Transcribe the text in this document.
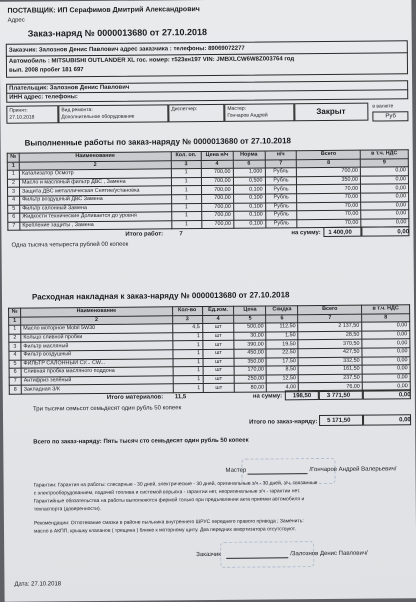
ПОСТАВЩИК: ИП Серафимов Дмитрий Александрович
Адрес
Заказ-наряд № 0000013680 от 27.10.2018
Заказчик: Залознов Денис Павлович адрес заказчика : телефоны: 89069072277
Автомобиль : MITSUBISHI OUTLANDER XL гос. номер: т523кн197 VIN: JMBXLCW6W8Z003764 год
вып. 2008 пробег 181 697
Плательщик: Залознов Денис Павлович
ИНН адрес: телефоны:
Принят:
27.10.2018
Вид ремонта:
Дополнительное оборудование
Диспетчер:	Мастер:
Гончаров Андрей	Закрыт
в валюте
Руб
Выполненные работы по заказ-наряду № 0000013680 от 27.10.2018
№	Наименование	Кол. оп.	Цена н/ч	Норма	н/ч	Всего	в т.ч. НДС
1	2	3	4	6	7	8	9
1	Катализатор Осмотр	1	700,00	1,000	Рубль	700,00	0,00
2	Масло и масляный фильтр ДВС , Замена	1	700,00	0,500	Рубль	350,00	0,00
3	Защита ДВС металлическая Снятие/установка	1	700,00	0,100	Рубль	70,00	0,00
4	Фильтр воздушный ДВС Замена	1	700,00	0,100	Рубль	70,00	0,00
5	Фильтр салонный Замена	1	700,00	0,100	Рубль	70,00	0,00
6	Жидкости технические Доливается до уровня	1	700,00	0,100	Рубль	70,00	0,00
7	Крепление защиты , Замена	1	700,00	0,100	Рубль	70,00	0,00
Итого работ:	7	на сумму: 1 400,00	0,00
Одна тысяча четыреста рублей 00 копеек
Расходная накладная к заказ-наряду № 0000013680 от 27.10.2018
№	Наименование	Кол-во	Ед.изм.	Цена	Скидка	Всего	в т.ч. НДС
1	2	3	4	5	6	7	8
1	Масло моторное Mobil 5W30	4,5	шт	500,00	112,50	2 137,50	0,00
2	Кольцо сливной пробки	1	шт	30,00	1,50	28,50	0,00
3	Фильтр масляный	1	шт	390,00	19,50	370,50	0,00
4	Фильтр воздушный	1	шт	450,00	22,50	427,50	0,00
5	ФИЛЬТР САЛОННЫЙ СУ... CW...	1	шт	350,00	17,50	332,50	0,00
6	Сливная пробка масляного поддона	1	шт	170,00	8,50	161,50	0,00
7	Антифриз зелёный	1	шт	250,00	12,50	237,50	0,00
8	Закладная З/К	1	шт	80,00	4,00	76,00	0,00
Итого материалов: 11,5	на сумму: 198,50	3 771,50	0,00
Три тысячи семьсот семьдесят один рубль 50 копеек
Итого по заказ-наряду: 5 171,50	0,00
Всего по заказ-наряду: Пять тысяч сто семьдесят один рубль 50 копеек
Мастер	/Гончаров Андрей Валерьевич/
Гарантии: Гарантия на работы: слесарные - 30 дней, электрические - 30 дней, оригинальные з/ч - 30 дней, з/ч, связанные
с электрооборудованием, подачей топлива и системой впрыска - гарантии нет, неоригинальные з/ч - гарантии нет.
Гарантийные обязательства на работы выполняются фирмой только при предъявлении акта приемки автомобиля и
техпаспорта (доверенности).
Рекомендации: Отпотевание смазки в районе пыльника внутреннего ШРУС переднего правого привода ; Заменить:
масло в АКПП, крышку клапанов ( трещина ) ближе к моторному щиту. Два передних амортизатора отсутствуют.
Заказчик	/Залознов Денис Павлович/
Дата: 27.10.2018
